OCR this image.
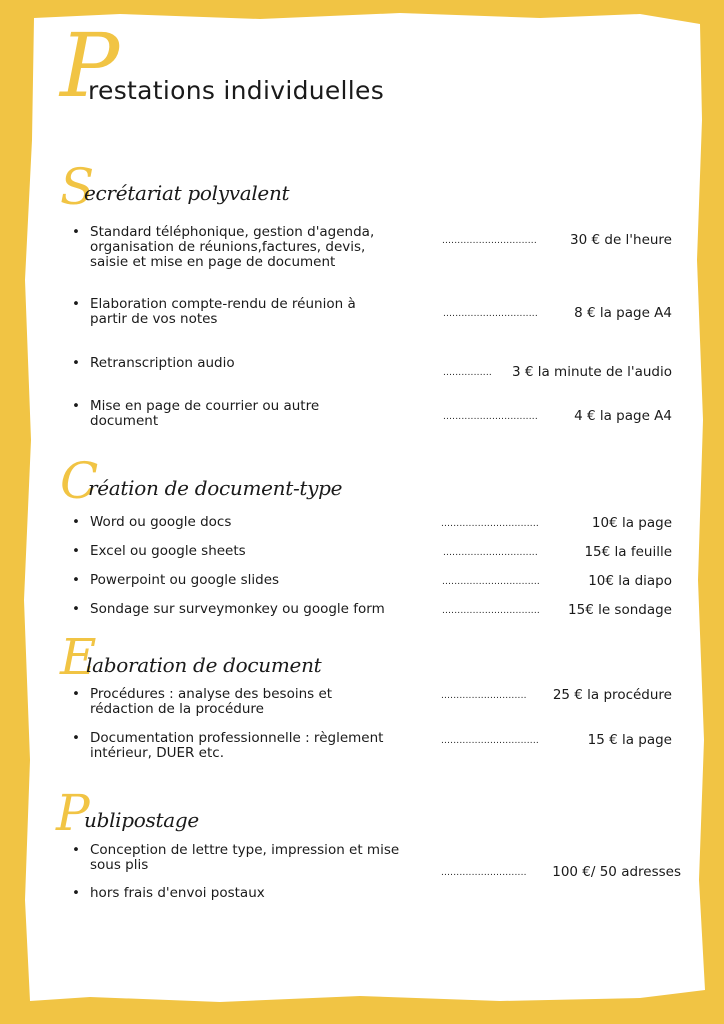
P
restations individuelles
S
ecrétariat polyvalent
• Standard téléphonique, gestion d'agenda,
organisation de réunions,factures, devis,
saisie et mise en page de document
............................... 30 € de l'heure
• Elaboration compte-rendu de réunion à
partir de vos notes	...............................	8 € la page A4
• Retranscription audio
................ 3 € la minute de l'audio
• Mise en page de courrier ou autre
document	...............................	4 € la page A4
C
réation de document-type
• Word ou google docs	................................	10€ la page
• Excel ou google sheets	...............................	15€ la feuille
• Powerpoint ou google slides	................................	10€ la diapo
• Sondage sur surveymonkey ou google form	................................ 15€ le sondage
E
laboration de document
• Procédures : analyse des besoins et
rédaction de la procédure
............................ 25 € la procédure
• Documentation professionnelle : règlement
intérieur, DUER etc.
................................	15 € la page
P
ublipostage
• Conception de lettre type, impression et mise
sous plis	............................ 100 €/ 50 adresses
• hors frais d'envoi postaux
